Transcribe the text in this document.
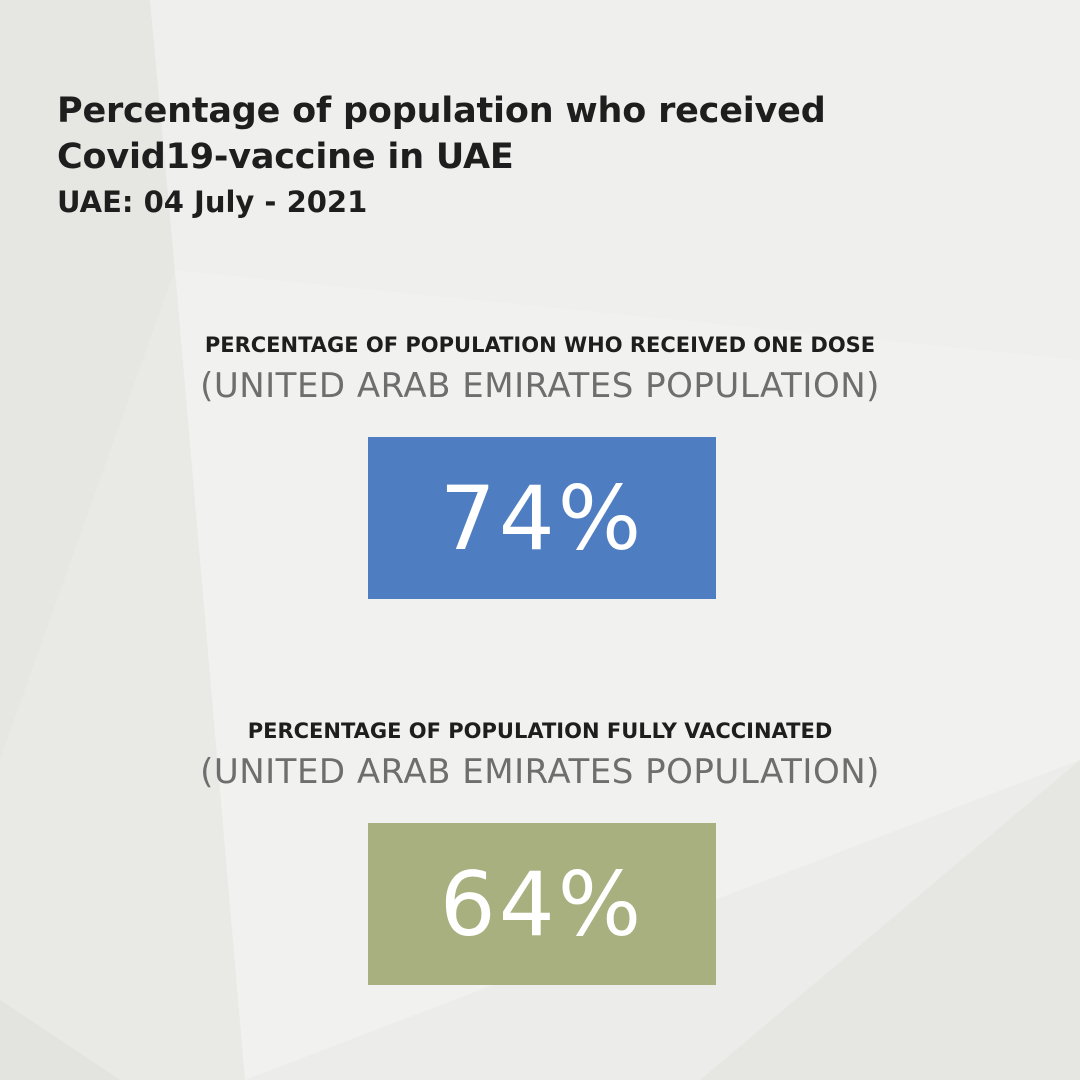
Percentage of population who received

Covid19-vaccine in UAE

UAE: 04 July - 2021

PERCENTAGE OF POPULATION WHO RECEIVED ONE DOSE
(UNITED ARAB EMIRATES POPULATION)
74%
PERCENTAGE OF POPULATION FULLY VACCINATED
(UNITED ARAB EMIRATES POPULATION)
64%
